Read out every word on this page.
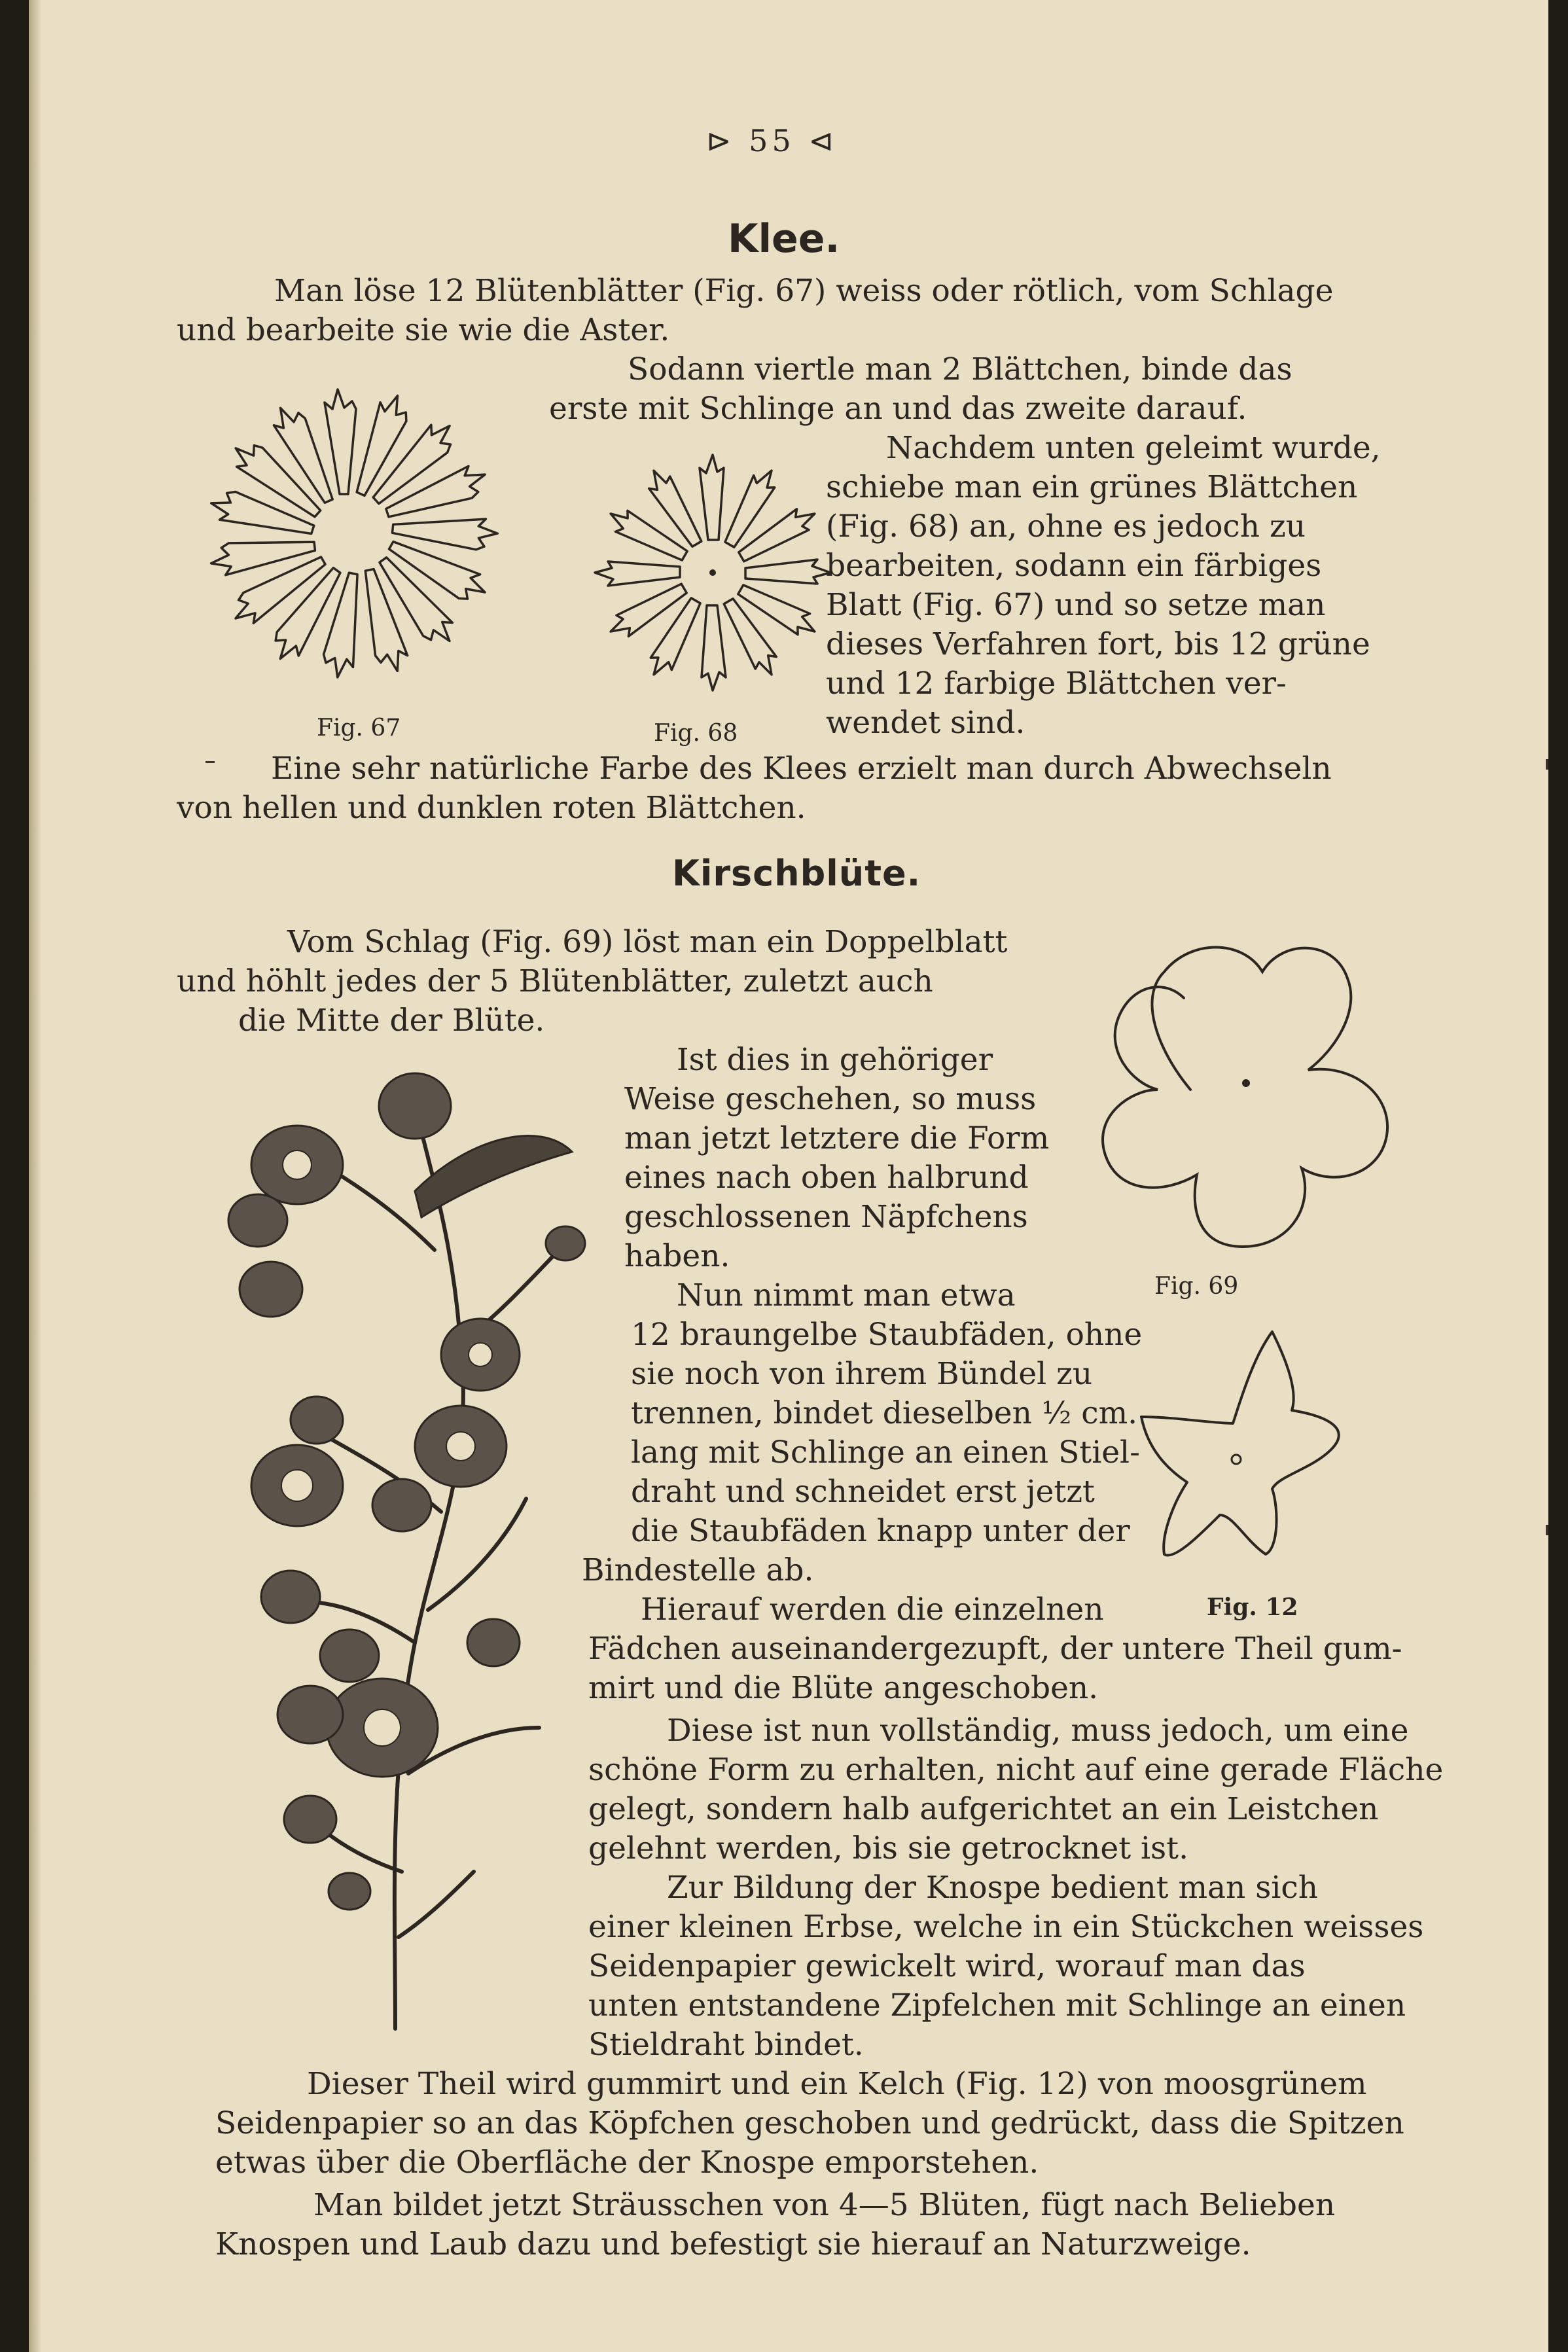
⊳ 55 ⊲
Klee.

Man löse 12 Blütenblätter (Fig. 67) weiss oder rötlich, vom Schlage

und bearbeite sie wie die Aster.

Sodann viertle man 2 Blättchen, binde das

erste mit Schlinge an und das zweite darauf.

Nachdem unten geleimt wurde,

schiebe man ein grünes Blättchen

(Fig. 68) an, ohne es jedoch zu

bearbeiten, sodann ein färbiges

Blatt (Fig. 67) und so setze man

dieses Verfahren fort, bis 12 grüne

und 12 farbige Blättchen ver-

wendet sind.

Eine sehr natürliche Farbe des Klees erzielt man durch Abwechseln

von hellen und dunklen roten Blättchen.

Fig. 67	Fig. 68
Kirschblüte.

Vom Schlag (Fig. 69) löst man ein Doppelblatt

und höhlt jedes der 5 Blütenblätter, zuletzt auch

die Mitte der Blüte.

Ist dies in gehöriger

Weise geschehen, so muss

man jetzt letztere die Form

eines nach oben halbrund

geschlossenen Näpfchens

haben.

Nun nimmt man etwa

12 braungelbe Staubfäden, ohne

sie noch von ihrem Bündel zu

trennen, bindet dieselben ½ cm.

lang mit Schlinge an einen Stiel-

draht und schneidet erst jetzt

die Staubfäden knapp unter der

Bindestelle ab.

Hierauf werden die einzelnen

Fädchen auseinandergezupft, der untere Theil gum-

mirt und die Blüte angeschoben.

Diese ist nun vollständig, muss jedoch, um eine

schöne Form zu erhalten, nicht auf eine gerade Fläche

gelegt, sondern halb aufgerichtet an ein Leistchen

gelehnt werden, bis sie getrocknet ist.

Zur Bildung der Knospe bedient man sich

einer kleinen Erbse, welche in ein Stückchen weisses

Seidenpapier gewickelt wird, worauf man das

unten entstandene Zipfelchen mit Schlinge an einen

Stieldraht bindet.

Dieser Theil wird gummirt und ein Kelch (Fig. 12) von moosgrünem

Seidenpapier so an das Köpfchen geschoben und gedrückt, dass die Spitzen

etwas über die Oberfläche der Knospe emporstehen.

Man bildet jetzt Sträusschen von 4—5 Blüten, fügt nach Belieben

Knospen und Laub dazu und befestigt sie hierauf an Naturzweige.

Fig. 69
Fig. 12
